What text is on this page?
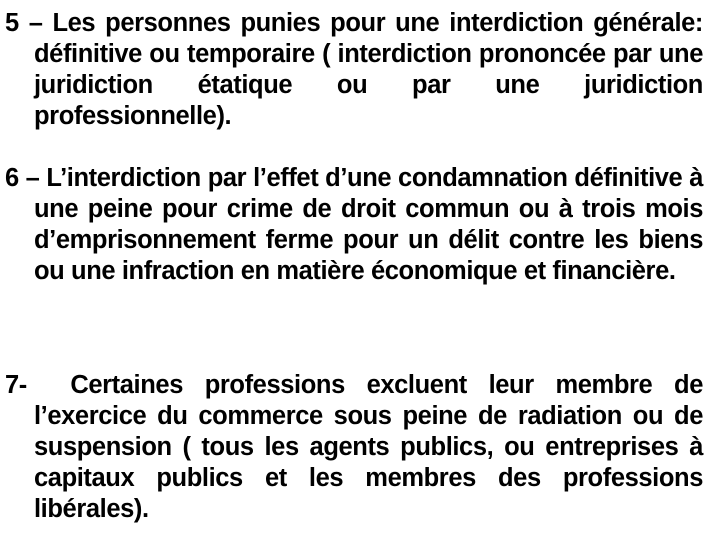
5 – Les personnes punies pour une interdiction générale: définitive ou temporaire ( interdiction prononcée par une juridiction étatique ou par une juridiction professionnelle).

6 – L’interdiction par l’effet d’une condamnation définitive à une peine pour crime de droit commun ou à trois mois d’emprisonnement ferme pour un délit contre les biens ou une infraction en matière économique et financière.

7- Certaines professions excluent leur membre de l’exercice du commerce sous peine de radiation ou de suspension ( tous les agents publics, ou entreprises à capitaux publics et les membres des professions libérales).
